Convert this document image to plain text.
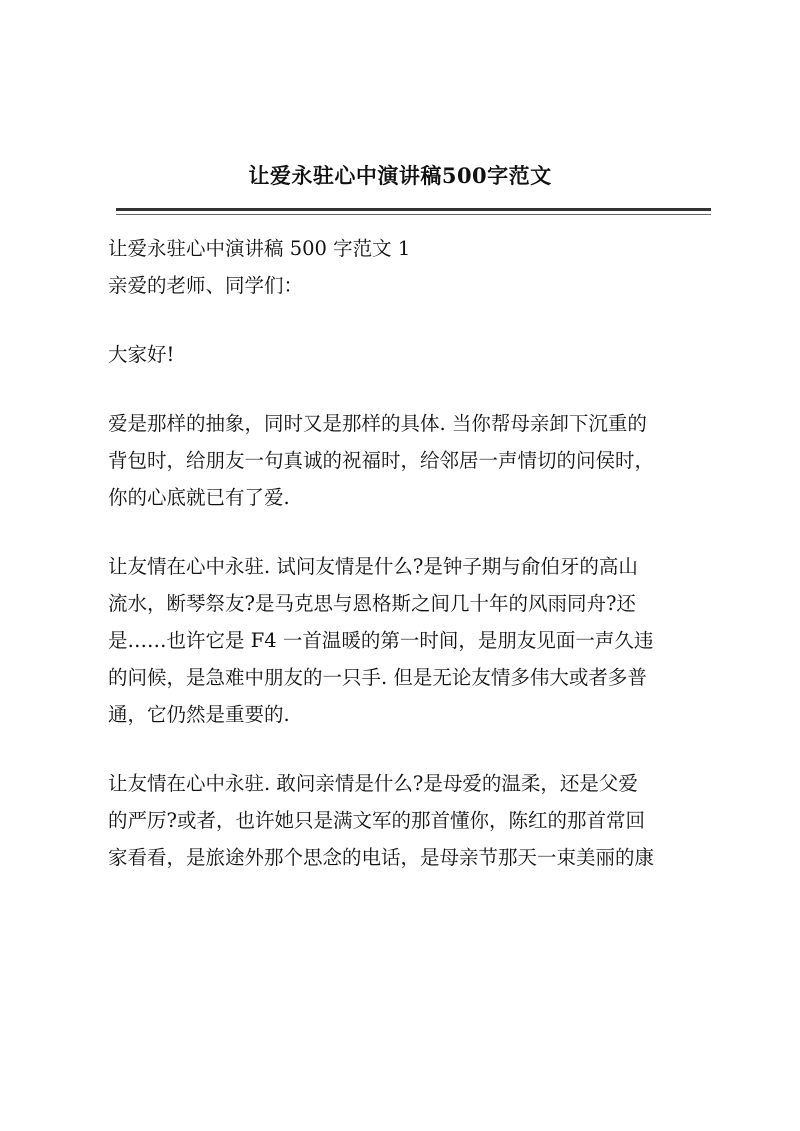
让爱永驻心中演讲稿500字范文
让爱永驻心中演讲稿 500 字范文 1
亲爱的老师、同学们：
大家好!
爱是那样的抽象，同时又是那样的具体. 当你帮母亲卸下沉重的
背包时，给朋友一句真诚的祝福时，给邻居一声情切的问侯时，
你的心底就已有了爱.
让友情在心中永驻. 试问友情是什么?是钟子期与俞伯牙的高山
流水，断琴祭友?是马克思与恩格斯之间几十年的风雨同舟?还
是……也许它是 F4 一首温暖的第一时间，是朋友见面一声久违
的问候，是急难中朋友的一只手. 但是无论友情多伟大或者多普
通，它仍然是重要的.
让友情在心中永驻. 敢问亲情是什么?是母爱的温柔，还是父爱
的严厉?或者，也许她只是满文军的那首懂你，陈红的那首常回
家看看，是旅途外那个思念的电话，是母亲节那天一束美丽的康
